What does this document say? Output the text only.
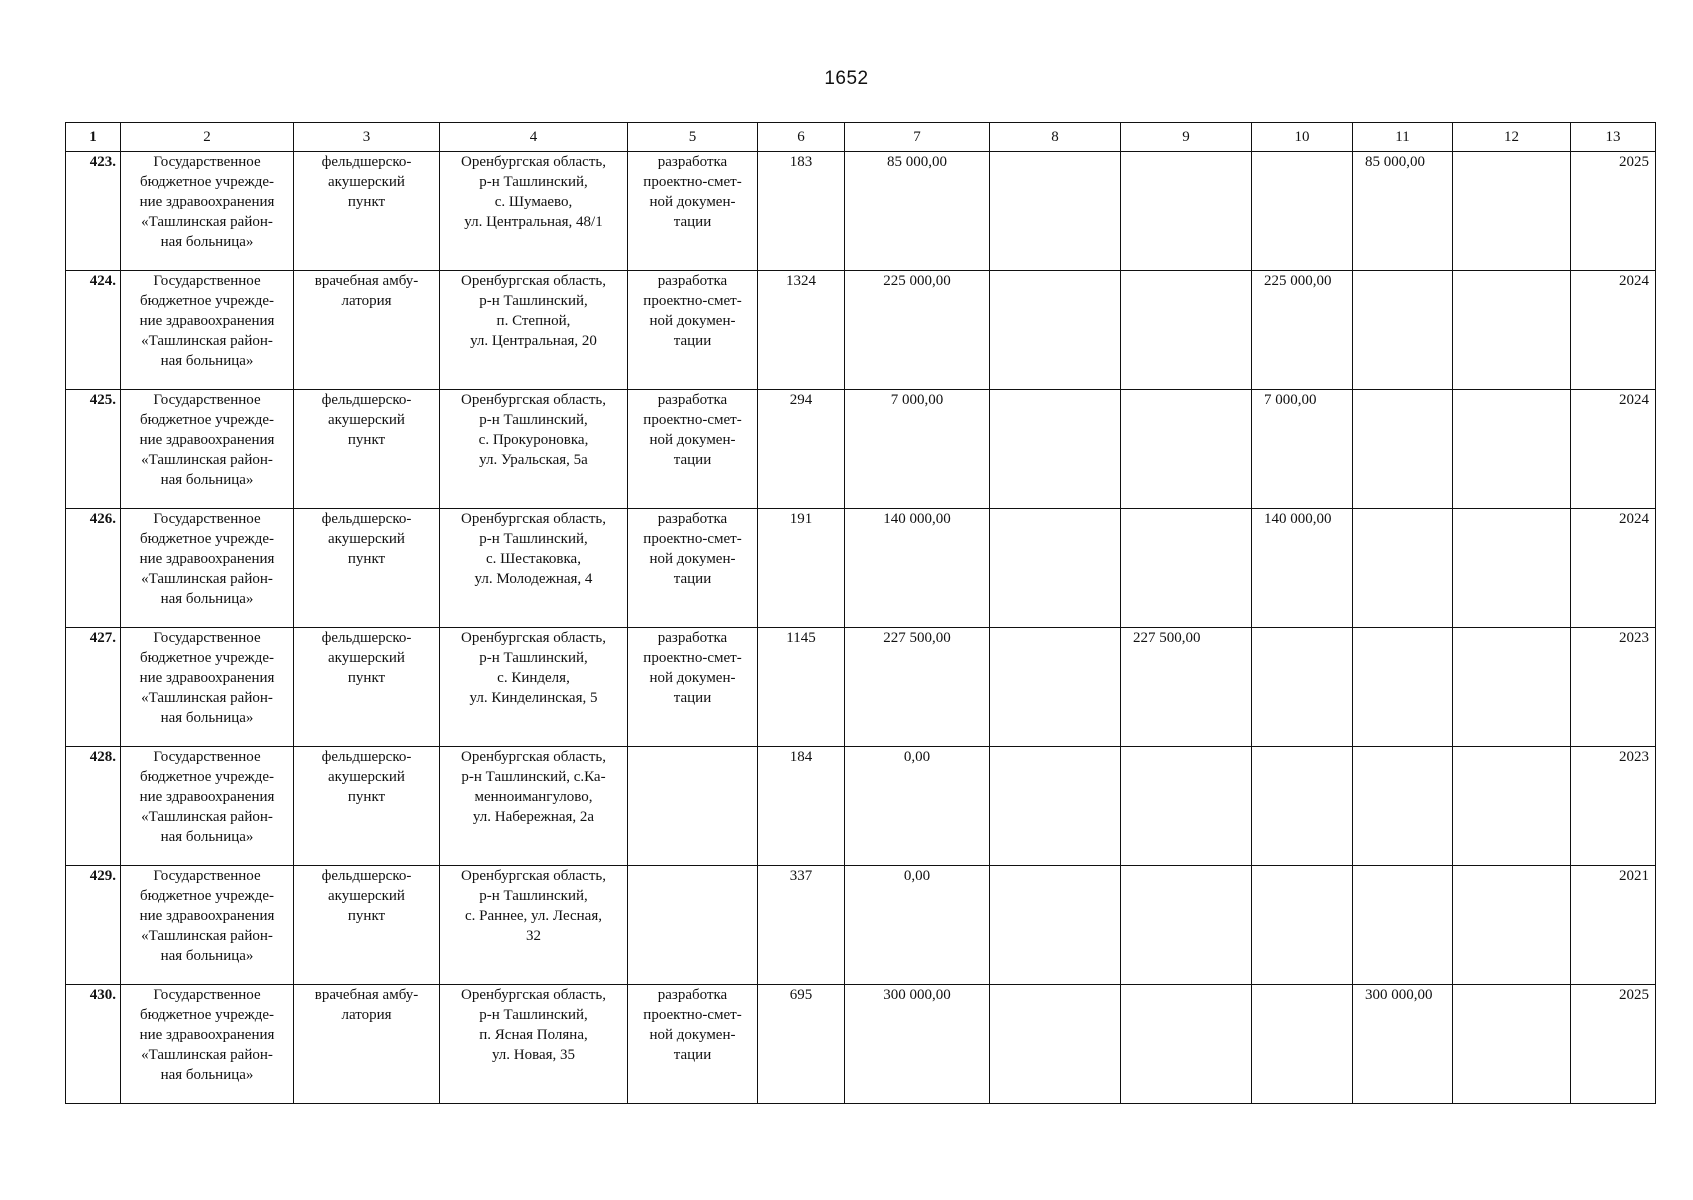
1652
1	2	3	4	5	6	7	8	9	10	11	12	13
423.	Государственное
бюджетное учрежде-
ние здравоохранения
«Ташлинская район-
ная больница»	фельдшерско-
акушерский
пункт	Оренбургская область,
р-н Ташлинский,
с. Шумаево,
ул. Центральная, 48/1	разработка
проектно-смет-
ной докумен-
тации	183	85 000,00				85 000,00		2025
424.	Государственное
бюджетное учрежде-
ние здравоохранения
«Ташлинская район-
ная больница»	врачебная амбу-
латория	Оренбургская область,
р-н Ташлинский,
п. Степной,
ул. Центральная, 20	разработка
проектно-смет-
ной докумен-
тации	1324	225 000,00			225 000,00			2024
425.	Государственное
бюджетное учрежде-
ние здравоохранения
«Ташлинская район-
ная больница»	фельдшерско-
акушерский
пункт	Оренбургская область,
р-н Ташлинский,
с. Прокуроновка,
ул. Уральская, 5а	разработка
проектно-смет-
ной докумен-
тации	294	7 000,00			7 000,00			2024
426.	Государственное
бюджетное учрежде-
ние здравоохранения
«Ташлинская район-
ная больница»	фельдшерско-
акушерский
пункт	Оренбургская область,
р-н Ташлинский,
с. Шестаковка,
ул. Молодежная, 4	разработка
проектно-смет-
ной докумен-
тации	191	140 000,00			140 000,00			2024
427.	Государственное
бюджетное учрежде-
ние здравоохранения
«Ташлинская район-
ная больница»	фельдшерско-
акушерский
пункт	Оренбургская область,
р-н Ташлинский,
с. Кинделя,
ул. Кинделинская, 5	разработка
проектно-смет-
ной докумен-
тации	1145	227 500,00		227 500,00				2023
428.	Государственное
бюджетное учрежде-
ние здравоохранения
«Ташлинская район-
ная больница»	фельдшерско-
акушерский
пункт	Оренбургская область,
р-н Ташлинский, с.Ка-
менноимангулово,
ул. Набережная, 2а		184	0,00						2023
429.	Государственное
бюджетное учрежде-
ние здравоохранения
«Ташлинская район-
ная больница»	фельдшерско-
акушерский
пункт	Оренбургская область,
р-н Ташлинский,
с. Раннее, ул. Лесная,
32		337	0,00						2021
430.	Государственное
бюджетное учрежде-
ние здравоохранения
«Ташлинская район-
ная больница»	врачебная амбу-
латория	Оренбургская область,
р-н Ташлинский,
п. Ясная Поляна,
ул. Новая, 35	разработка
проектно-смет-
ной докумен-
тации	695	300 000,00				300 000,00		2025
